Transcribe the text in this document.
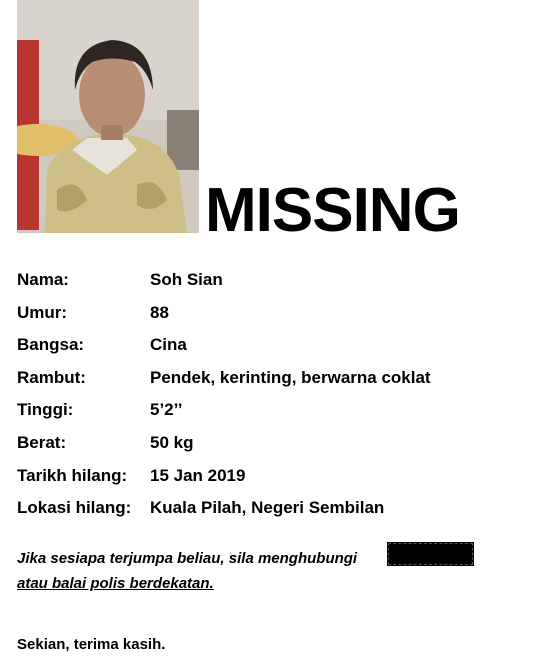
MISSING
Nama:	Soh Sian
Umur:	88
Bangsa:	Cina
Rambut:	Pendek, kerinting, berwarna coklat
Tinggi:	5’2’’
Berat:	50 kg
Tarikh hilang: 15 Jan 2019
Lokasi hilang: Kuala Pilah, Negeri Sembilan
Jika sesiapa terjumpa beliau, sila menghubungi
atau balai polis berdekatan.
Sekian, terima kasih.
